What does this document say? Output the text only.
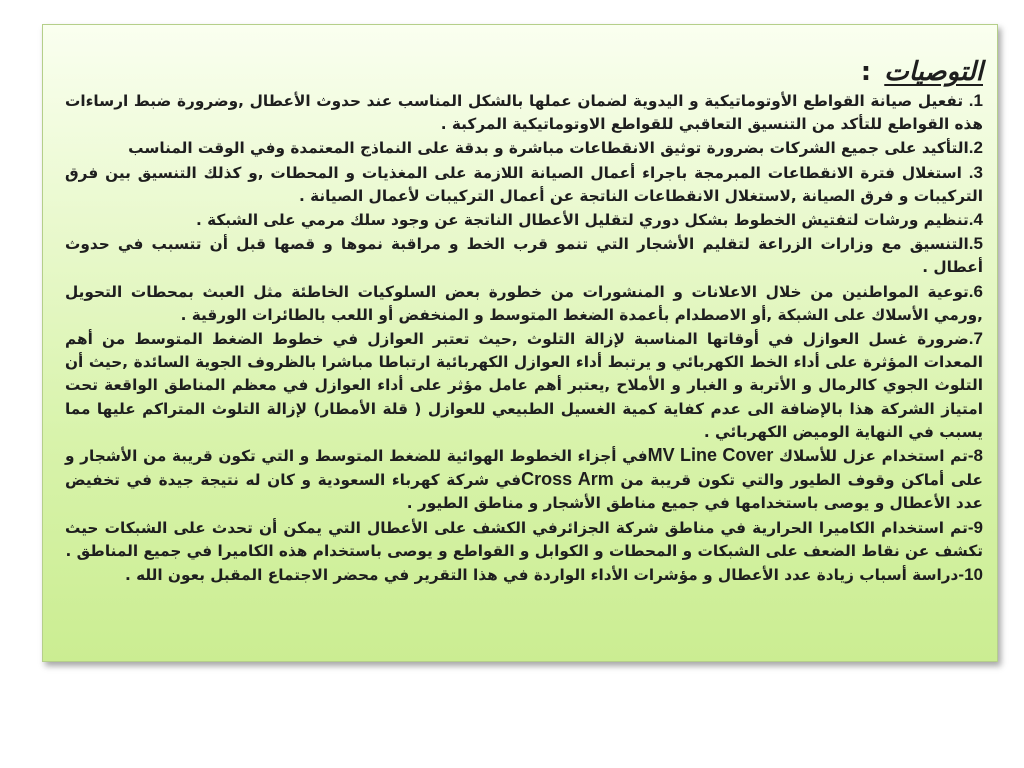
التوصيات :

1. تفعيل صيانة القواطع الأوتوماتيكية و اليدوية لضمان عملها بالشكل المناسب عند حدوث الأعطال ,وضرورة ضبط ارساءات هذه القواطع للتأكد من التنسيق التعاقبي للقواطع الاوتوماتيكية المركبة .

2.التأكيد على جميع الشركات بضرورة توثيق الانقطاعات مباشرة و بدقة على النماذج المعتمدة وفي الوقت المناسب

3. استغلال فترة الانقطاعات المبرمجة باجراء أعمال الصيانة اللازمة على المغذيات و المحطات ,و كذلك التنسيق بين فرق التركيبات و فرق الصيانة ,لاستغلال الانقطاعات الناتجة عن أعمال التركيبات لأعمال الصيانة .

4.تنظيم ورشات لتفتيش الخطوط بشكل دوري لتقليل الأعطال الناتجة عن وجود سلك مرمي على الشبكة .

5.التنسيق مع وزارات الزراعة لتقليم الأشجار التي تنمو قرب الخط و مراقبة نموها و قصها قبل أن تتسبب في حدوث أعطال .

6.توعية المواطنين من خلال الاعلانات و المنشورات من خطورة بعض السلوكيات الخاطئة مثل العبث بمحطات التحويل ,ورمي الأسلاك على الشبكة ,أو الاصطدام بأعمدة الضغط المتوسط و المنخفض أو اللعب بالطائرات الورقية .

7.ضرورة غسل العوازل في أوقاتها المناسبة لإزالة التلوث ,حيث تعتبر العوازل في خطوط الضغط المتوسط من أهم المعدات المؤثرة على أداء الخط الكهربائي و يرتبط أداء العوازل الكهربائية ارتباطا مباشرا بالظروف الجوية السائدة ,حيث أن التلوث الجوي كالرمال و الأتربة و الغبار و الأملاح ,يعتبر أهم عامل مؤثر على أداء العوازل في معظم المناطق الواقعة تحت امتياز الشركة هذا بالإضافة الى عدم كفاية كمية الغسيل الطبيعي للعوازل ( قلة الأمطار) لإزالة التلوث المتراكم عليها مما يسبب في النهاية الوميض الكهربائي .

8-تم استخدام عزل للأسلاك MV Line Coverفي أجزاء الخطوط الهوائية للضغط المتوسط و التي تكون قريبة من الأشجار و على أماكن وقوف الطيور والتي تكون قريبة من Cross Armفي شركة كهرباء السعودية و كان له نتيجة جيدة في تخفيض عدد الأعطال و يوصى باستخدامها في جميع مناطق الأشجار و مناطق الطيور .

9-تم استخدام الكاميرا الحرارية في مناطق شركة الجزائرفي الكشف على الأعطال التي يمكن أن تحدث على الشبكات حيث تكشف عن نقاط الضعف على الشبكات و المحطات و الكوابل و القواطع و يوصى باستخدام هذه الكاميرا في جميع المناطق .

10-دراسة أسباب زيادة عدد الأعطال و مؤشرات الأداء الواردة في هذا التقرير في محضر الاجتماع المقبل بعون الله .
